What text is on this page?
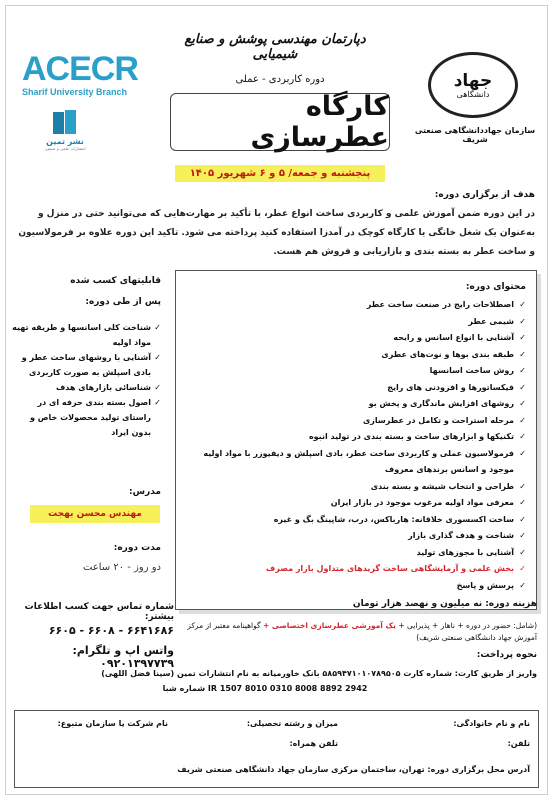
دپارتمان مهندسی پوشش و صنایع شیمیایی
ACECR
Sharif University Branch
نشر تمین
انتشارات علمی و صنعتی
جهاد
دانشگاهی
سازمان جهاددانشگاهی صنعتی شریف
دوره کاربردی - عملی
کارگاه عطرسازی
پنجشنبه و جمعه/ ۵ و ۶ شهریور ۱۴۰۵
هدف از برگزاری دوره:
در این دوره ضمن آموزش علمی و کاربردی ساخت انواع عطر، با تأکید بر مهارت‌هایی که می‌توانید حتی در منزل و به‌عنوان یک شغل خانگی یا کارگاه کوچک در آمدزا استفاده کنید پرداخته می شود. تاکید این دوره علاوه بر فرمولاسیون و ساخت عطر به بسته بندی و بازاریابی و فروش هم هست.
محتوای دوره:
✓
اصطلاحات رایج در صنعت ساخت عطر
✓
شیمی عطر
✓
آشنایی با انواع اسانس و رایحه
✓
طبقه بندی بوها و نوت‌های عطری
✓
روش ساخت اسانسها
✓
فیکساتورها و افزودنی های رایج
✓
روشهای افزایش ماندگاری و پخش بو
✓
مرحله استراحت و تکامل در عطرسازی
✓
تکنیکها و ابزارهای ساخت و بسته بندی در تولید انبوه
✓
فرمولاسیون عملی و کاربردی ساخت عطر، بادی اسپلش و دیفیوزر با مواد اولیه موجود و اسانس برندهای معروف
✓
طراحی و انتخاب شیشه و بسته بندی
✓
معرفی مواد اولیه مرغوب موجود در بازار ایران
✓
ساخت اکسسوری خلاقانه: هارباکس، درب، شاپینگ بگ و غیره
✓
شناخت و هدف گذاری بازار
✓
آشنایی با مجوزهای تولید
✓
بخش علمی و آزمایشگاهی ساخت گریدهای متداول بازار مصرف
✓
پرسش و پاسخ
قابلیتهای کسب شده
پس از طی دوره:
✓
شناخت کلی اسانسها و طریقه تهیه مواد اولیه
✓
آشنایی با روشهای ساخت عطر و بادی اسپلش به صورت کاربردی
✓
شناسائی بازارهای هدف
✓
اصول بسته بندی حرفه ای در راستای تولید محصولات خاص و بدون ایراد
مدرس:
مهندس محسن بهجت
مدت دوره:
دو روز - ۲۰ ساعت
شماره تماس جهت کسب اطلاعات بیشتر:
۶۶۴۱۶۸۶ - ۶۶۰۸ - ۶۶۰۵
واتس اپ و تلگرام: ۰۹۲۰۱۳۹۷۷۳۹
هزینه دوره: نه میلیون و نهصد هزار تومان
(شامل: حضور در دوره + ناهار + پذیرایی + یک آموزشی عطرسازی اختصاصی + گواهینامه معتبر از مرکز آموزش جهاد دانشگاهی صنعتی شریف)
نحوه پرداخت:
واریز از طریق کارت: شماره کارت ۵۸۵۹۴۷۱۰۱۰۷۸۹۵۰۵ بانک خاورمیانه به نام انتشارات تمین (سینا فضل اللهی)
شماره شبا IR 1507 8010 0310 8008 8892 2942
نام و نام خانوادگی:
میزان و رشته تحصیلی:
نام شرکت یا سازمان متبوع:
تلفن:
تلفن همراه:
آدرس محل برگزاری دوره: تهران، ساختمان مرکزی سازمان جهاد دانشگاهی صنعتی شریف
